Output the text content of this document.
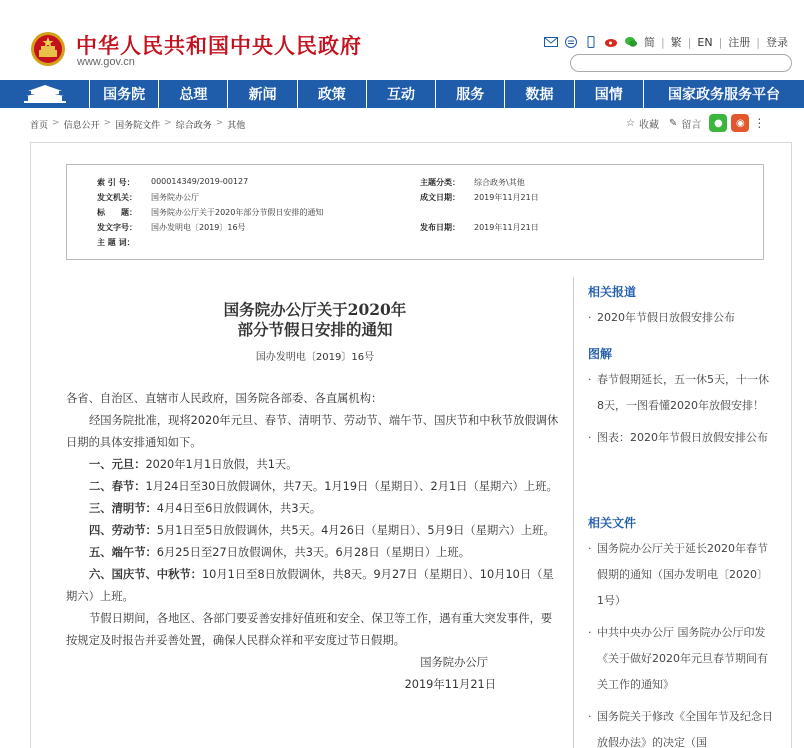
中华人民共和国中央人民政府
www.gov.cn
简 | 繁 | EN | 注册 | 登录
国务院	总理	新闻	政策	互动	服务	数据	国情	国家政务服务平台
首页 > 信息公开 > 国务院文件 > 综合政务 > 其他	☆ 收藏 ✎ 留言	●	◉ ⋮
索 引 号：	000014349/2019-00127	主题分类：	综合政务\其他
发文机关：	国务院办公厅	成文日期：	2019年11月21日
标　　题：	国务院办公厅关于2020年部分节假日安排的通知
发文字号：	国办发明电〔2019〕16号	发布日期：	2019年11月21日
主 题 词：
国务院办公厅关于2020年
部分节假日安排的通知
国办发明电〔2019〕16号

各省、自治区、直辖市人民政府，国务院各部委、各直属机构：

经国务院批准，现将2020年元旦、春节、清明节、劳动节、端午节、国庆节和中秋节放假调休日期的具体安排通知如下。

一、元旦：2020年1月1日放假，共1天。

二、春节：1月24日至30日放假调休，共7天。1月19日（星期日）、2月1日（星期六）上班。

三、清明节：4月4日至6日放假调休，共3天。

四、劳动节：5月1日至5日放假调休，共5天。4月26日（星期日）、5月9日（星期六）上班。

五、端午节：6月25日至27日放假调休，共3天。6月28日（星期日）上班。

六、国庆节、中秋节：10月1日至8日放假调休，共8天。9月27日（星期日）、10月10日（星期六）上班。

节假日期间，各地区、各部门要妥善安排好值班和安全、保卫等工作，遇有重大突发事件，要按规定及时报告并妥善处置，确保人民群众祥和平安度过节日假期。

国务院办公厅

2019年11月21日

相关报道
· 2020年节假日放假安排公布
图解
· 春节假期延长，五一休5天，十一休8天，一图看懂2020年放假安排！
· 图表：2020年节假日放假安排公布
相关文件
· 国务院办公厅关于延长2020年春节假期的通知（国办发明电〔2020〕1号）
· 中共中央办公厅 国务院办公厅印发《关于做好2020年元旦春节期间有关工作的通知》
· 国务院关于修改《全国年节及纪念日放假办法》的决定（国
